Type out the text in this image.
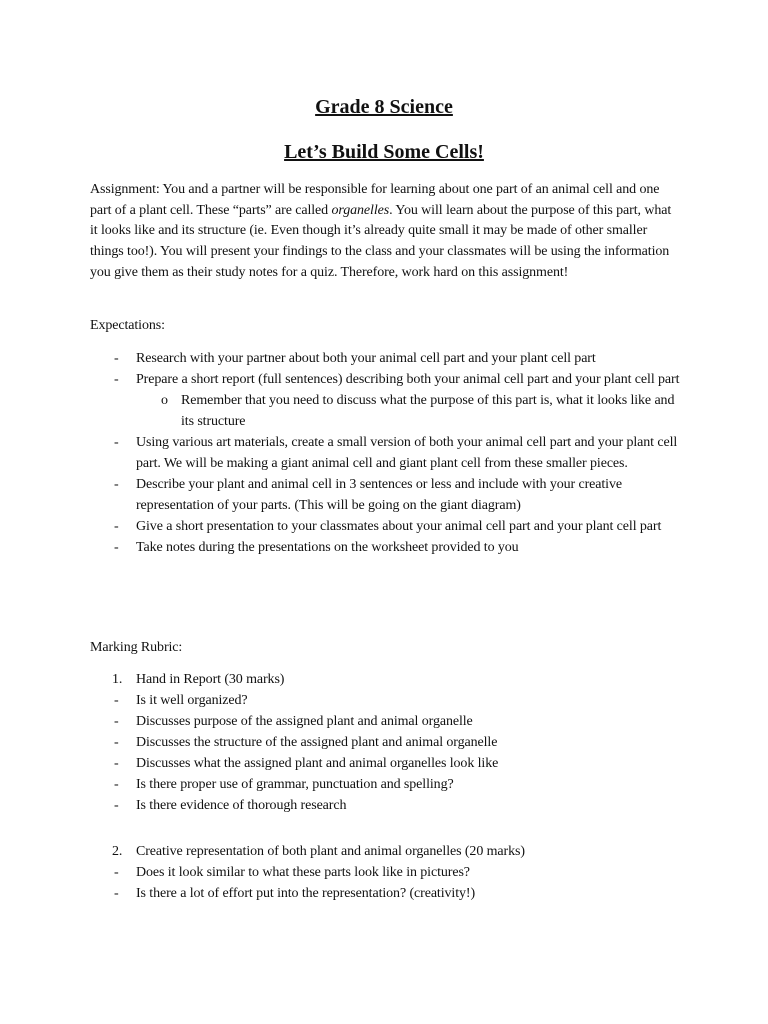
Grade 8 Science
Let’s Build Some Cells!
Assignment: You and a partner will be responsible for learning about one part of an animal cell and one part of a plant cell. These “parts” are called organelles. You will learn about the purpose of this part, what it looks like and its structure (ie. Even though it’s already quite small it may be made of other smaller things too!). You will present your findings to the class and your classmates will be using the information you give them as their study notes for a quiz. Therefore, work hard on this assignment!
Expectations:
- Research with your partner about both your animal cell part and your plant cell part
- Prepare a short report (full sentences) describing both your animal cell part and your plant cell part
o Remember that you need to discuss what the purpose of this part is, what it looks like and its structure
- Using various art materials, create a small version of both your animal cell part and your plant cell part. We will be making a giant animal cell and giant plant cell from these smaller pieces.
- Describe your plant and animal cell in 3 sentences or less and include with your creative representation of your parts. (This will be going on the giant diagram)
- Give a short presentation to your classmates about your animal cell part and your plant cell part
- Take notes during the presentations on the worksheet provided to you
Marking Rubric:
1. Hand in Report (30 marks)
- Is it well organized?
- Discusses purpose of the assigned plant and animal organelle
- Discusses the structure of the assigned plant and animal organelle
- Discusses what the assigned plant and animal organelles look like
- Is there proper use of grammar, punctuation and spelling?
- Is there evidence of thorough research
2. Creative representation of both plant and animal organelles (20 marks)
- Does it look similar to what these parts look like in pictures?
- Is there a lot of effort put into the representation? (creativity!)
